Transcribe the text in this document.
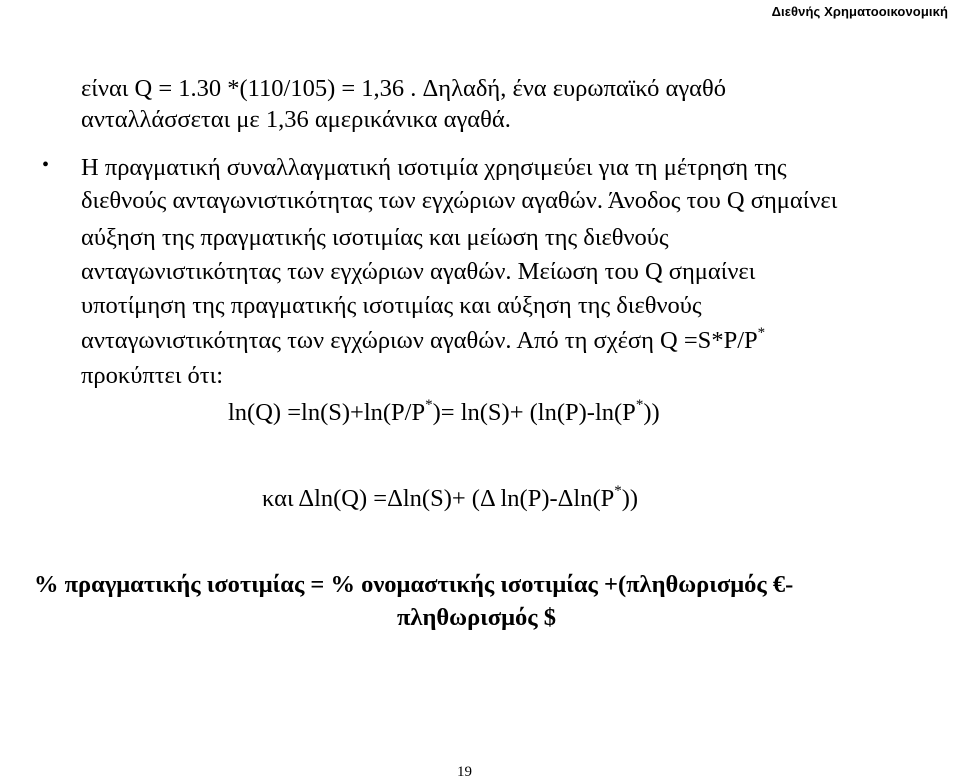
Διεθνής Χρηματοοικονομική
είναι Q = 1.30 *(110/105) = 1,36 . Δηλαδή, ένα ευρωπαϊκό αγαθό
ανταλλάσσεται με 1,36 αμερικάνικα αγαθά.
• Η πραγματική συναλλαγματική ισοτιμία χρησιμεύει για τη μέτρηση της
διεθνούς ανταγωνιστικότητας των εγχώριων αγαθών. Άνοδος του Q σημαίνει
αύξηση της πραγματικής ισοτιμίας και μείωση της διεθνούς
ανταγωνιστικότητας των εγχώριων αγαθών. Μείωση του Q σημαίνει
υποτίμηση της πραγματικής ισοτιμίας και αύξηση της διεθνούς
ανταγωνιστικότητας των εγχώριων αγαθών. Από τη σχέση Q =S*P/P*
προκύπτει ότι:
ln(Q) =ln(S)+ln(P/P*)= ln(S)+ (ln(P)-ln(P*))
και Δln(Q) =Δln(S)+ (Δ ln(P)-Δln(P*))
% πραγματικής ισοτιμίας = % ονομαστικής ισοτιμίας +(πληθωρισμός €-
πληθωρισμός $
19
